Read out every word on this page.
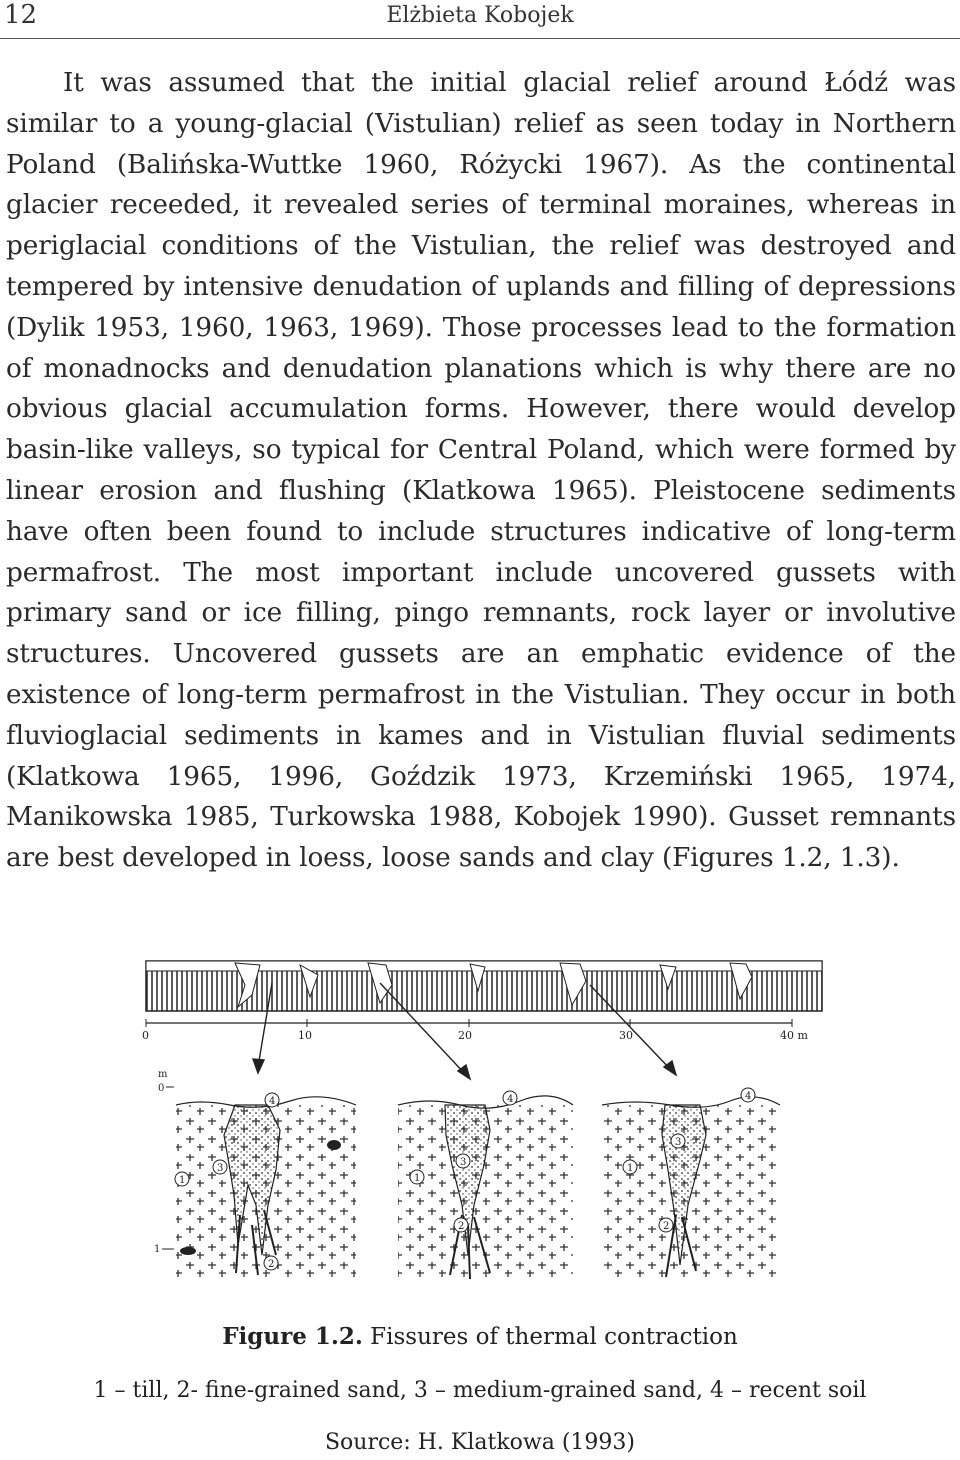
12	Elżbieta Kobojek

It was assumed that the initial glacial relief around Łódź was similar to a young-glacial (Vistulian) relief as seen today in Northern Poland (Balińska-Wuttke 1960, Różycki 1967). As the continental glacier receeded, it revealed series of terminal moraines, whereas in periglacial conditions of the Vistulian, the relief was destroyed and tempered by intensive denudation of uplands and filling of depressions (Dylik 1953, 1960, 1963, 1969). Those processes lead to the formation of monadnocks and denudation planations which is why there are no obvious glacial accumulation forms. However, there would develop basin-like valleys, so typical for Central Poland, which were formed by linear erosion and flushing (Klatkowa 1965). Pleistocene sediments have often been found to include structures indicative of long-term permafrost. The most important include uncovered gussets with primary sand or ice filling, pingo remnants, rock layer or involutive structures. Uncovered gussets are an emphatic evidence of the existence of long-term permafrost in the Vistulian. They occur in both fluvioglacial sediments in kames and in Vistulian fluvial sediments (Klatkowa 1965, 1996, Goździk 1973, Krzemiński 1965, 1974, Manikowska 1985, Turkowska 1988, Kobojek 1990). Gusset remnants are best developed in loess, loose sands and clay (Figures 1.2, 1.3).

0	10	20	30	40 m
m
0
1
4
3
1
2
4
3
1
2
4
3
1
2
Figure 1.2. Fissures of thermal contraction
1 – till, 2- fine-grained sand, 3 – medium-grained sand, 4 – recent soil
Source: H. Klatkowa (1993)
